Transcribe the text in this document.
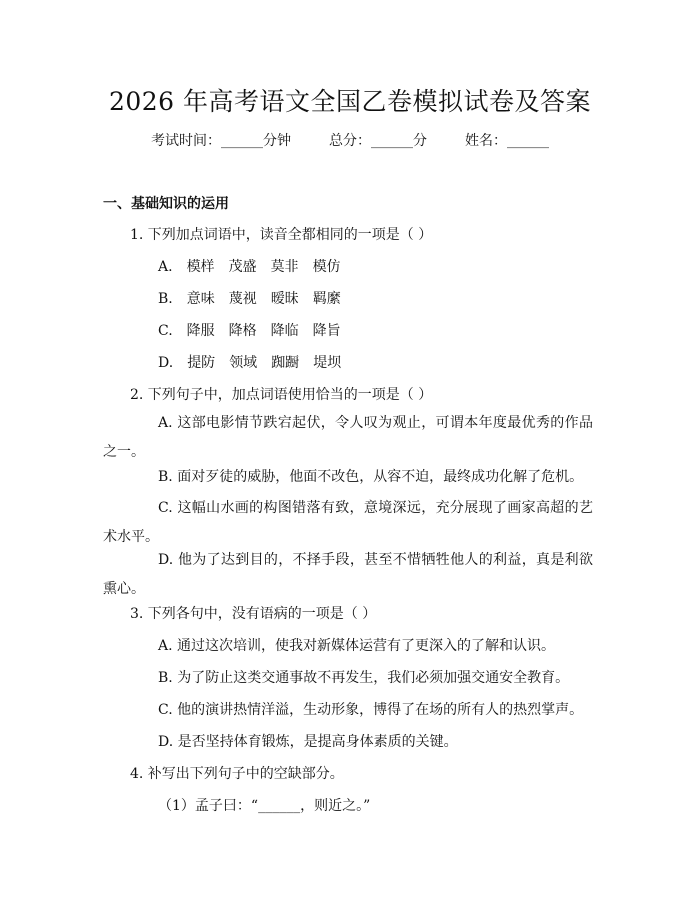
2026 年高考语文全国乙卷模拟试卷及答案
考试时间：______分钟	总分：______分	姓名：______
一、基础知识的运用
1. 下列加点词语中，读音全都相同的一项是（ ）
A. 模样 茂盛 莫非 模仿
B. 意味 蔑视 暧昧 羁縻
C. 降服 降格 降临 降旨
D. 提防 领域 踟蹰 堤坝
2. 下列句子中，加点词语使用恰当的一项是（ ）
A. 这部电影情节跌宕起伏，令人叹为观止，可谓本年度最优秀的作品之一。
B. 面对歹徒的威胁，他面不改色，从容不迫，最终成功化解了危机。
C. 这幅山水画的构图错落有致，意境深远，充分展现了画家高超的艺术水平。
D. 他为了达到目的，不择手段，甚至不惜牺牲他人的利益，真是利欲熏心。
3. 下列各句中，没有语病的一项是（ ）
A. 通过这次培训，使我对新媒体运营有了更深入的了解和认识。
B. 为了防止这类交通事故不再发生，我们必须加强交通安全教育。
C. 他的演讲热情洋溢，生动形象，博得了在场的所有人的热烈掌声。
D. 是否坚持体育锻炼，是提高身体素质的关键。
4. 补写出下列句子中的空缺部分。
（1）孟子曰：“______，则近之。”
